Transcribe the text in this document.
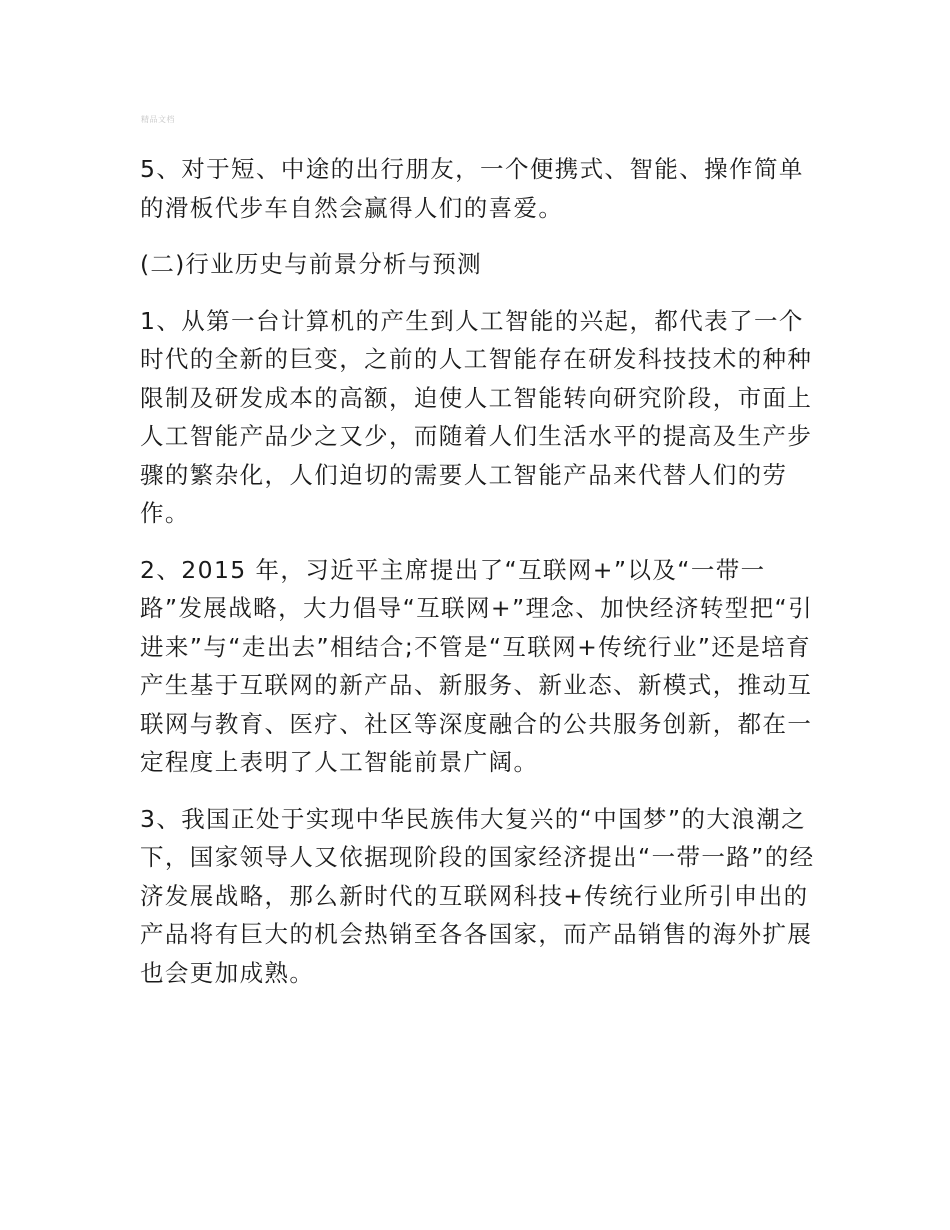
精品文档

5、对于短、中途的出行朋友，一个便携式、智能、操作简单的滑板代步车自然会赢得人们的喜爱。

(二)行业历史与前景分析与预测

1、从第一台计算机的产生到人工智能的兴起，都代表了一个时代的全新的巨变，之前的人工智能存在研发科技技术的种种限制及研发成本的高额，迫使人工智能转向研究阶段，市面上人工智能产品少之又少，而随着人们生活水平的提高及生产步骤的繁杂化，人们迫切的需要人工智能产品来代替人们的劳作。

2、2015 年，习近平主席提出了“互联网+”以及“一带一路”发展战略，大力倡导“互联网+”理念、加快经济转型把“引进来”与“走出去”相结合;不管是“互联网+传统行业”还是培育产生基于互联网的新产品、新服务、新业态、新模式，推动互联网与教育、医疗、社区等深度融合的公共服务创新，都在一定程度上表明了人工智能前景广阔。

3、我国正处于实现中华民族伟大复兴的“中国梦”的大浪潮之下，国家领导人又依据现阶段的国家经济提出“一带一路”的经济发展战略，那么新时代的互联网科技+传统行业所引申出的产品将有巨大的机会热销至各各国家，而产品销售的海外扩展也会更加成熟。
